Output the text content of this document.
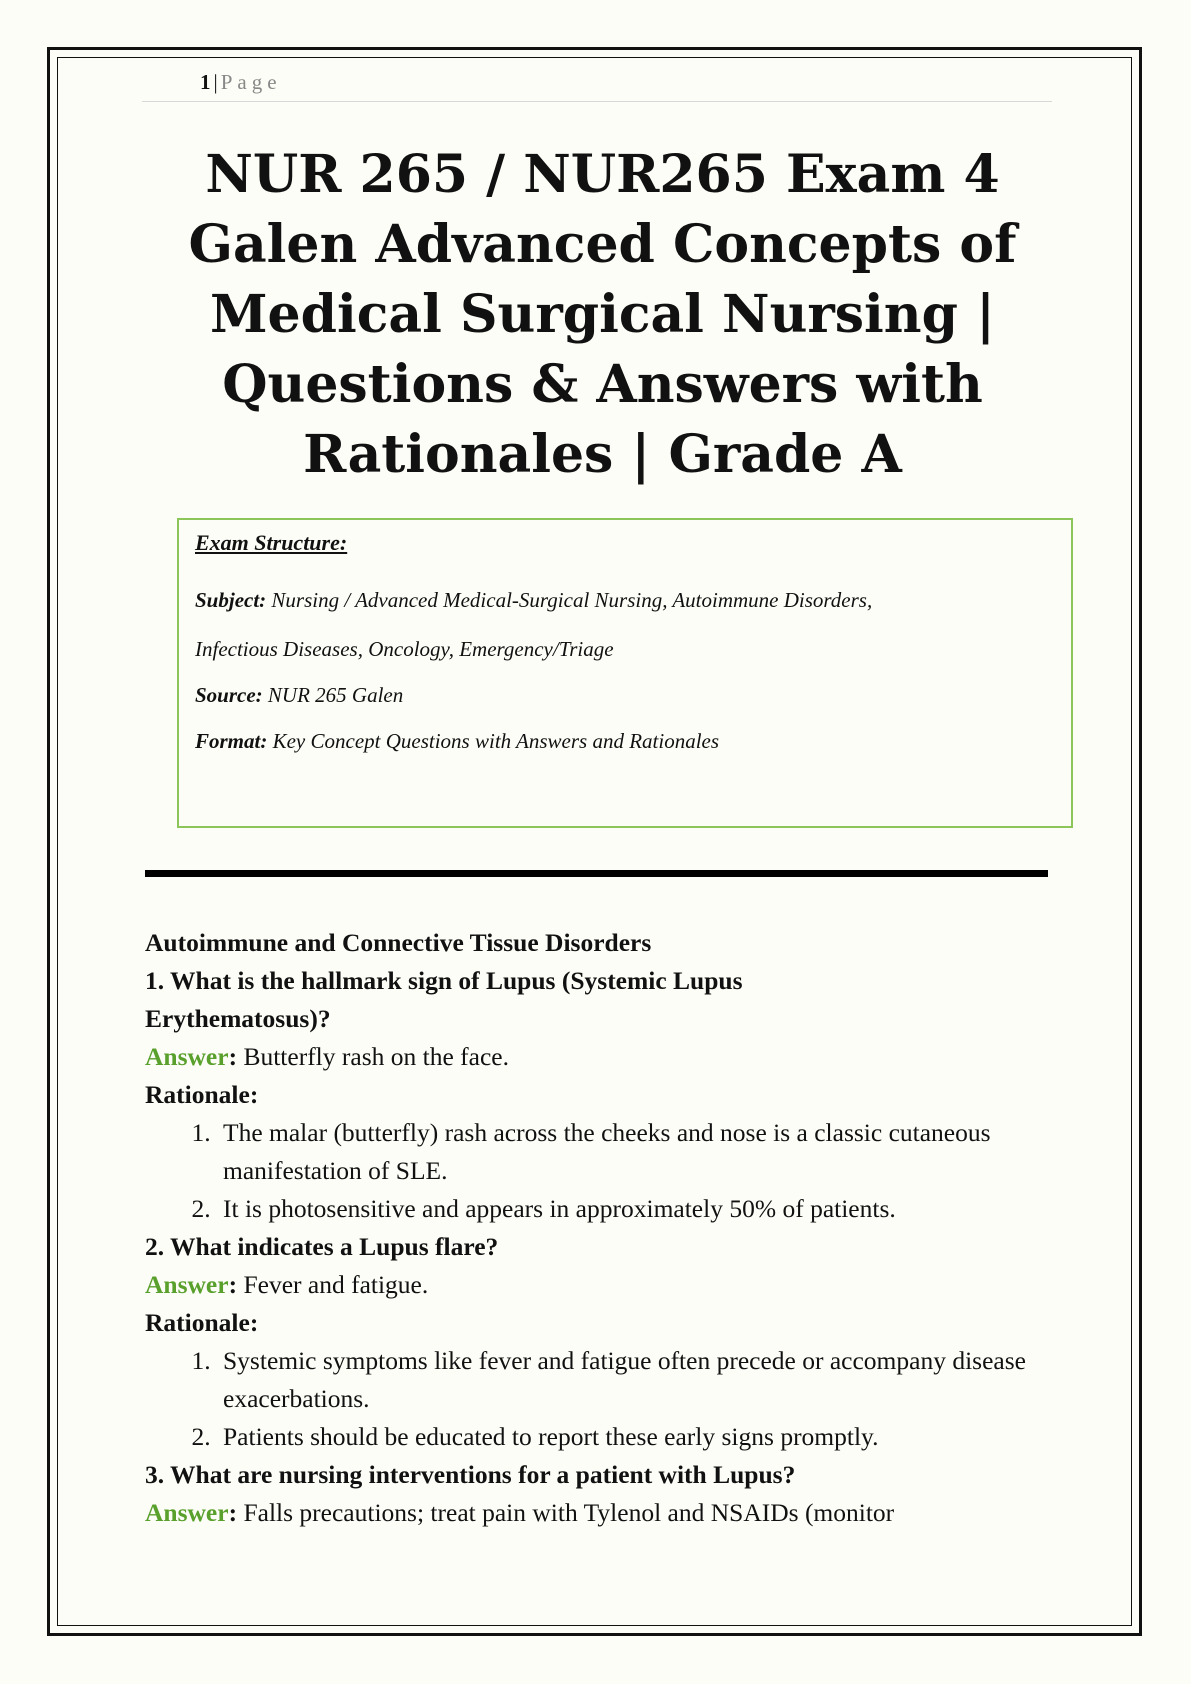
1 | Page
NUR 265 / NUR265 Exam 4 Galen Advanced Concepts of Medical Surgical Nursing | Questions & Answers with Rationales | Grade A
Exam Structure:
Subject: Nursing / Advanced Medical-Surgical Nursing, Autoimmune Disorders,
Infectious Diseases, Oncology, Emergency/Triage
Source: NUR 265 Galen
Format: Key Concept Questions with Answers and Rationales
Autoimmune and Connective Tissue Disorders
1. What is the hallmark sign of Lupus (Systemic Lupus
Erythematosus)?
Answer: Butterfly rash on the face.
Rationale:
1. The malar (butterfly) rash across the cheeks and nose is a classic cutaneous manifestation of SLE.
2. It is photosensitive and appears in approximately 50% of patients.
2. What indicates a Lupus flare?
Answer: Fever and fatigue.
Rationale:
1. Systemic symptoms like fever and fatigue often precede or accompany disease exacerbations.
2. Patients should be educated to report these early signs promptly.
3. What are nursing interventions for a patient with Lupus?
Answer: Falls precautions; treat pain with Tylenol and NSAIDs (monitor
